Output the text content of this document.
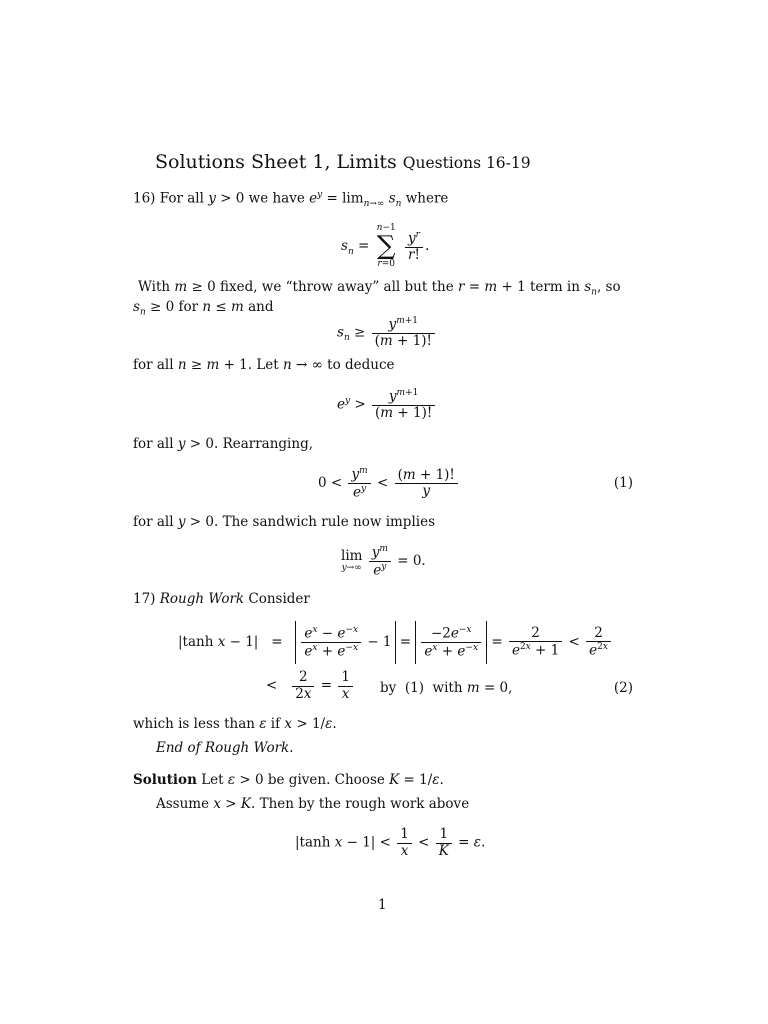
Solutions Sheet 1, Limits Questions 16-19
16) For all y > 0 we have $e^y = \lim_{n\to\infty} s_n$ where
$s_n$ =
n−1
∑
r=0

$\frac{y^r}{r!}$ .
With m ≥ 0 fixed, we “throw away” all but the r = m + 1 term in $s_n$, so
$s_n \ge 0$ for n ≤ m and
$s_n \ge \frac{y^{m+1}}{(m + 1)!}$
for all n ≥ m + 1. Let n → ∞ to deduce
$e^y > \frac{y^{m+1}}{(m + 1)!}$
for all y > 0. Rearranging,
$0 < \frac{y^m}{e^y} < \frac{(m + 1)!}{y}$	(1)
for all y > 0. The sandwich rule now implies
lim
y→∞
$\frac{y^m}{e^y} = 0$.
17) Rough Work Consider
|tanh $x - 1| = \frac{e^x - e^{-x}}{e^x + e^{-x}} - 1 = \frac{-2e^{-x}}{e^x + e^{-x}} = \frac{2}{e^{2x} + 1} < \frac{2}{e^{2x}}$
< $\frac{2}{2x} = \frac{1}{x}$ by  (1)  with m = 0,	(2)
which is less than ε if x > 1/ε.
End of Rough Work.
Solution Let ε > 0 be given. Choose K = 1/ε.
Assume x > K. Then by the rough work above
|tanh $x - 1| < \frac{1}{x} < \frac{1}{K} = \varepsilon$.
1
